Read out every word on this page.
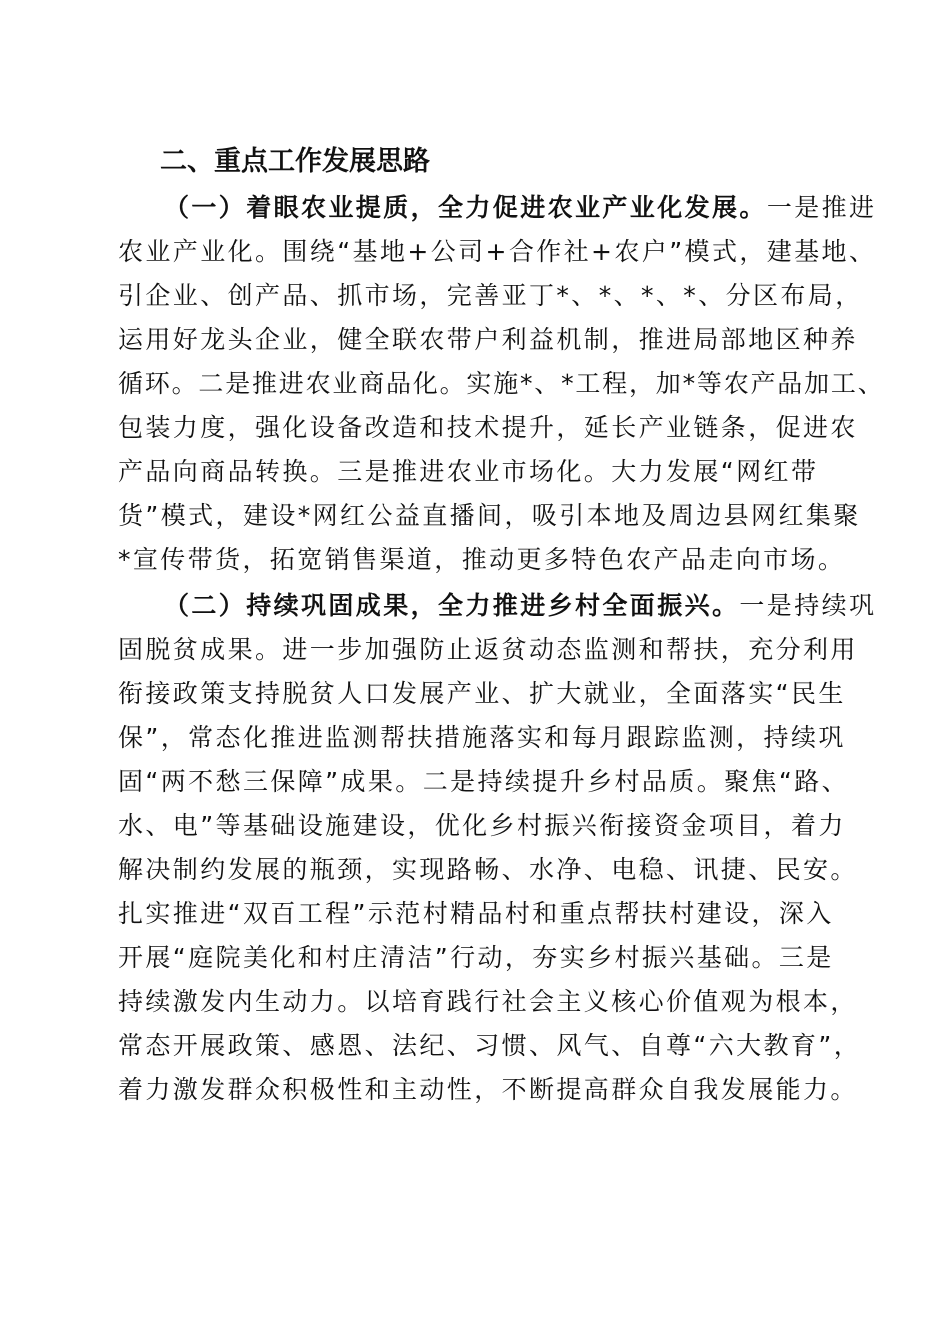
二、重点工作发展思路

（一）着眼农业提质，全力促进农业产业化发展。一是推进

农业产业化。围绕“基地+公司+合作社+农户”模式，建基地、

引企业、创产品、抓市场，完善亚丁*、*、*、*、分区布局，

运用好龙头企业，健全联农带户利益机制，推进局部地区种养

循环。二是推进农业商品化。实施*、*工程，加*等农产品加工、

包装力度，强化设备改造和技术提升，延长产业链条，促进农

产品向商品转换。三是推进农业市场化。大力发展“网红带

货”模式，建设*网红公益直播间，吸引本地及周边县网红集聚

*宣传带货，拓宽销售渠道，推动更多特色农产品走向市场。

（二）持续巩固成果，全力推进乡村全面振兴。一是持续巩

固脱贫成果。进一步加强防止返贫动态监测和帮扶，充分利用

衔接政策支持脱贫人口发展产业、扩大就业，全面落实“民生

保”，常态化推进监测帮扶措施落实和每月跟踪监测，持续巩

固“两不愁三保障”成果。二是持续提升乡村品质。聚焦“路、

水、电”等基础设施建设，优化乡村振兴衔接资金项目，着力

解决制约发展的瓶颈，实现路畅、水净、电稳、讯捷、民安。

扎实推进“双百工程”示范村精品村和重点帮扶村建设，深入

开展“庭院美化和村庄清洁”行动，夯实乡村振兴基础。三是

持续激发内生动力。以培育践行社会主义核心价值观为根本，

常态开展政策、感恩、法纪、习惯、风气、自尊“六大教育”，

着力激发群众积极性和主动性，不断提高群众自我发展能力。
